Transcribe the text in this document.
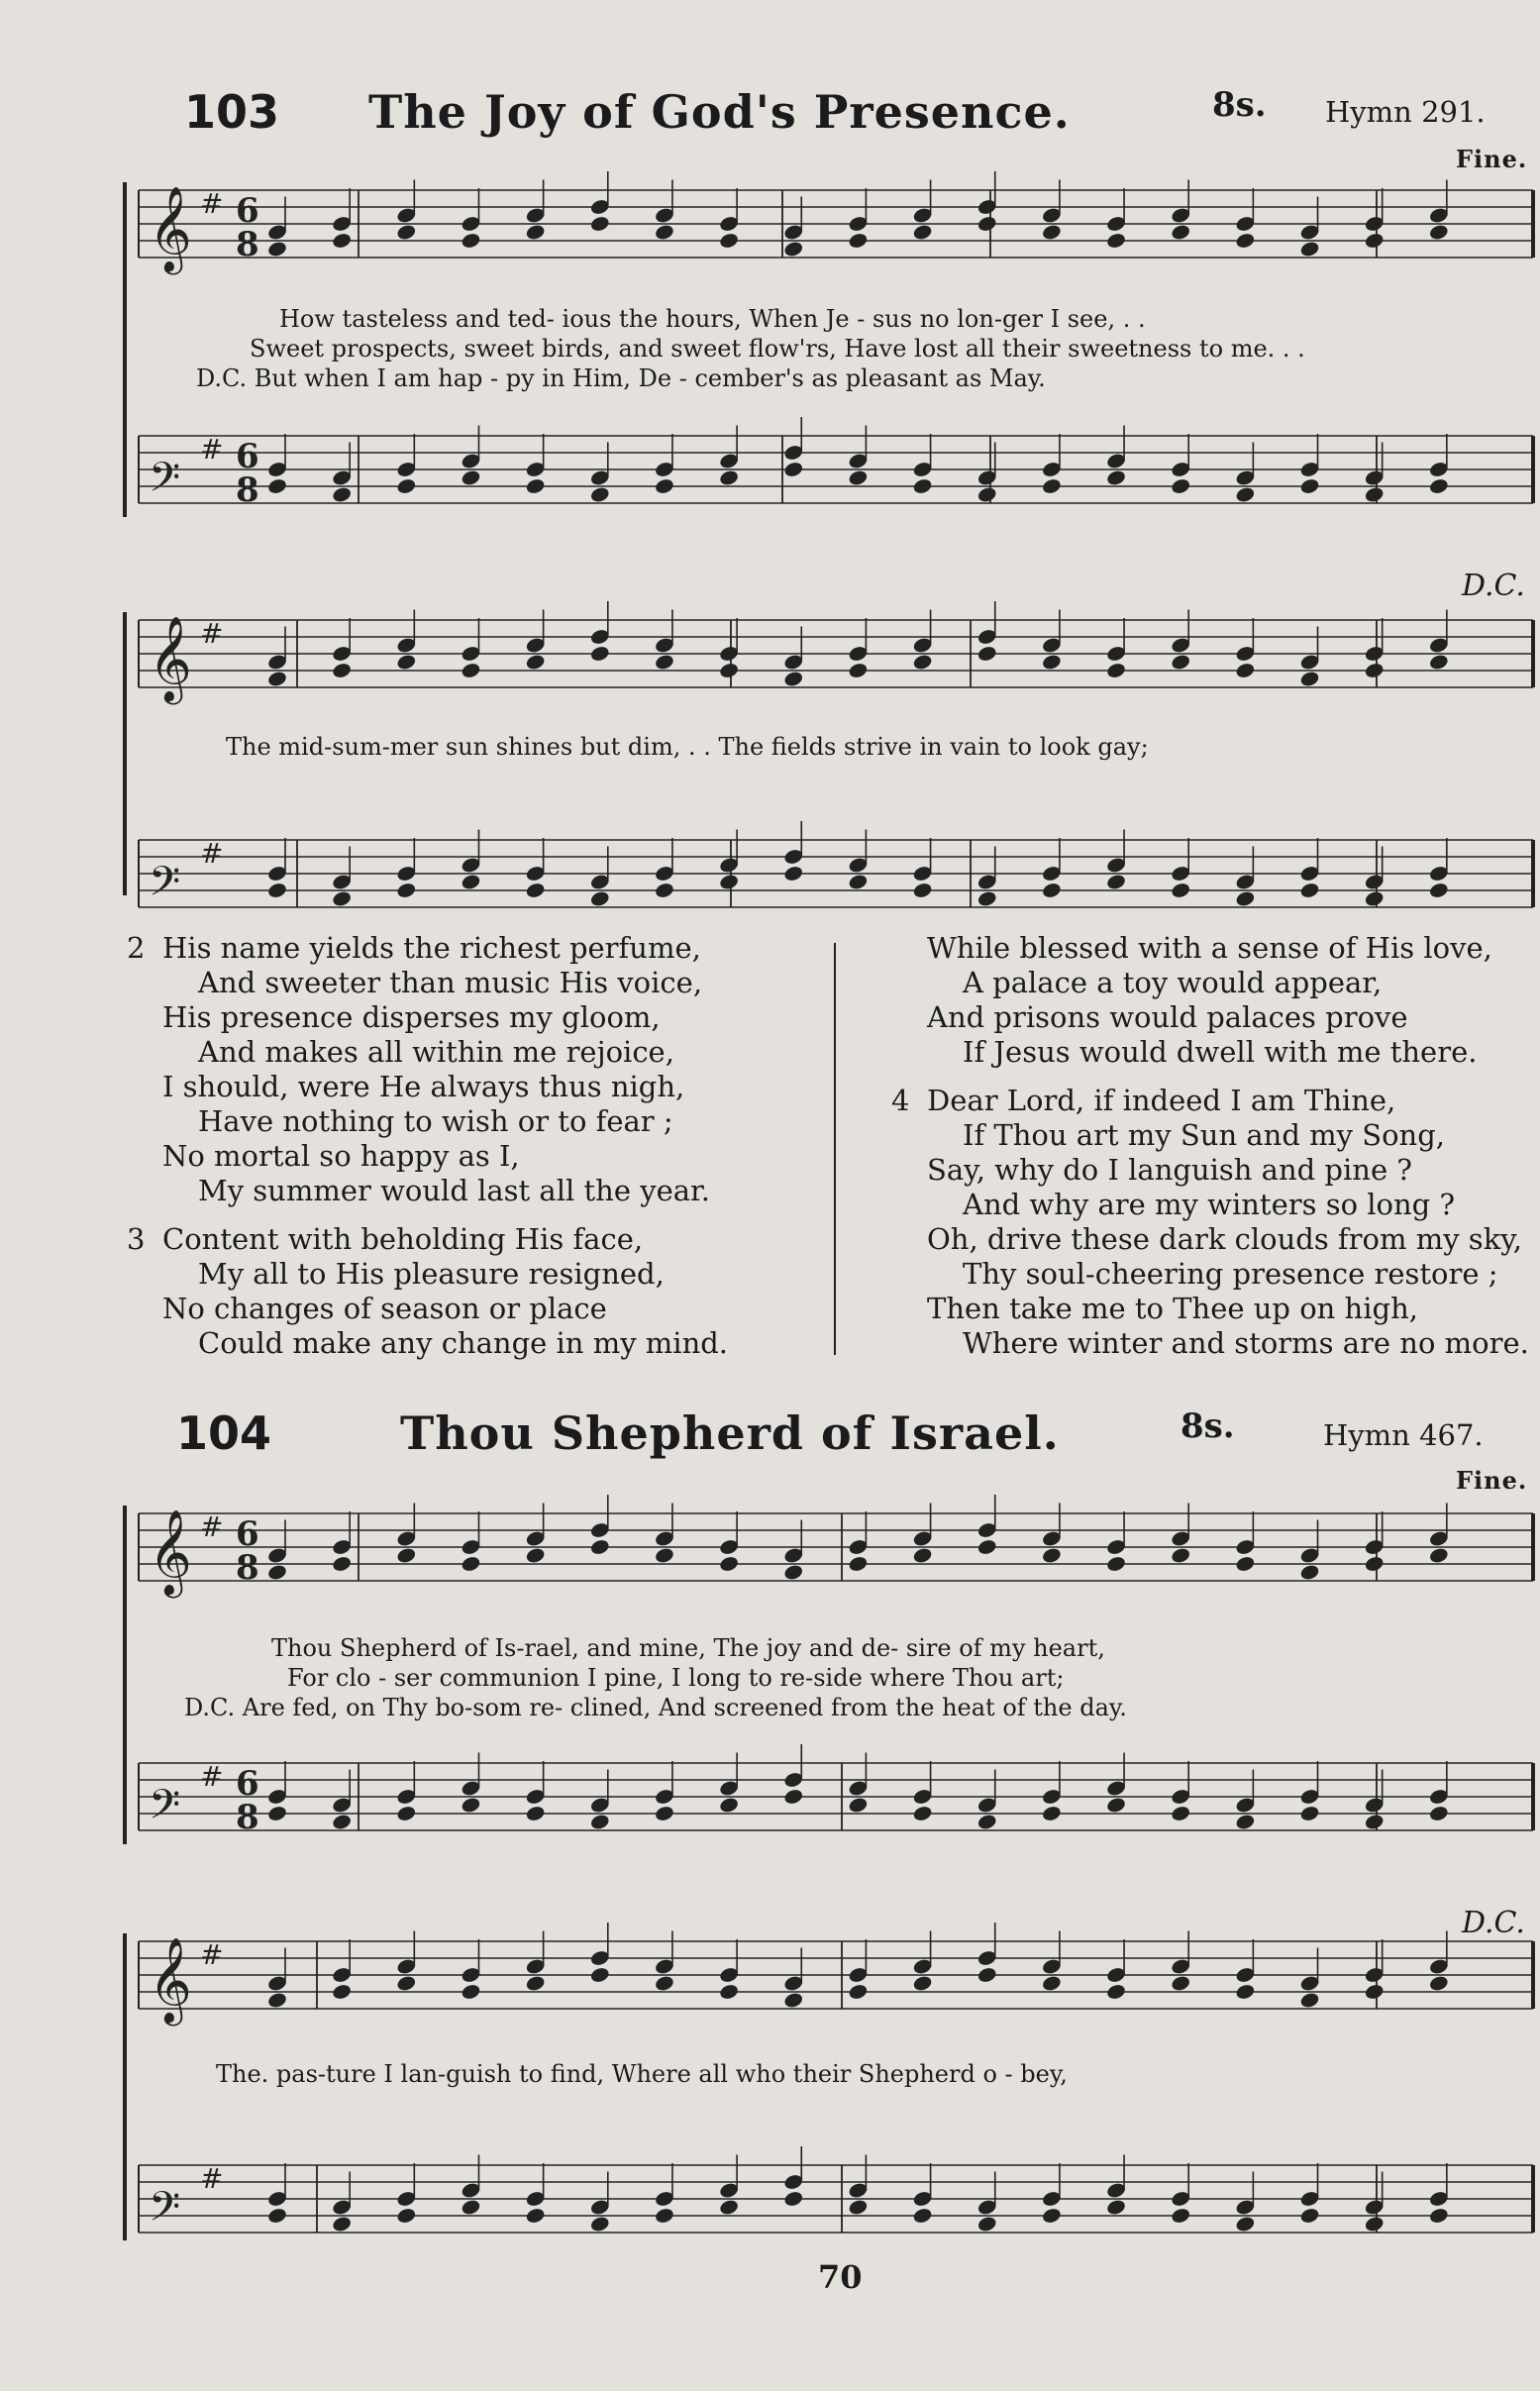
103 The Joy of God's Presence.	8s. Hymn 291.
Fine.
𝄞 # 6
8
𝄢
# 6
8
𝄞 #
𝄢
#
𝄞 # 6
8
𝄢
# 6
8
𝄞 #
𝄢
#
How tasteless and ted- ious the hours, When Je - sus no lon-ger I see, . .
Sweet prospects, sweet birds, and sweet flow'rs, Have lost all their sweetness to me. . .
D.C. But when I am hap - py in Him, De - cember's as pleasant as May.
D.C.
The mid-sum-mer sun shines but dim, . . The fields strive in vain to look gay;
His name yields the richest perfume,
2
And sweeter than music His voice,
His presence disperses my gloom,
And makes all within me rejoice,
I should, were He always thus nigh,
Have nothing to wish or to fear ;
No mortal so happy as I,
My summer would last all the year.
Content with beholding His face,
3
My all to His pleasure resigned,
No changes of season or place
Could make any change in my mind.
While blessed with a sense of His love,
A palace a toy would appear,
And prisons would palaces prove
If Jesus would dwell with me there.
Dear Lord, if indeed I am Thine,
4
If Thou art my Sun and my Song,
Say, why do I languish and pine ?
And why are my winters so long ?
Oh, drive these dark clouds from my sky,
Thy soul-cheering presence restore ;
Then take me to Thee up on high,
Where winter and storms are no more.
104	Thou Shepherd of Israel.	8s.	Hymn 467.
Fine.
Thou Shepherd of Is-rael, and mine, The joy and de- sire of my heart,
For clo - ser communion I pine, I long to re-side where Thou art;
D.C. Are fed, on Thy bo-som re- clined, And screened from the heat of the day.
D.C.
The. pas-ture I lan-guish to find, Where all who their Shepherd o - bey,
70
